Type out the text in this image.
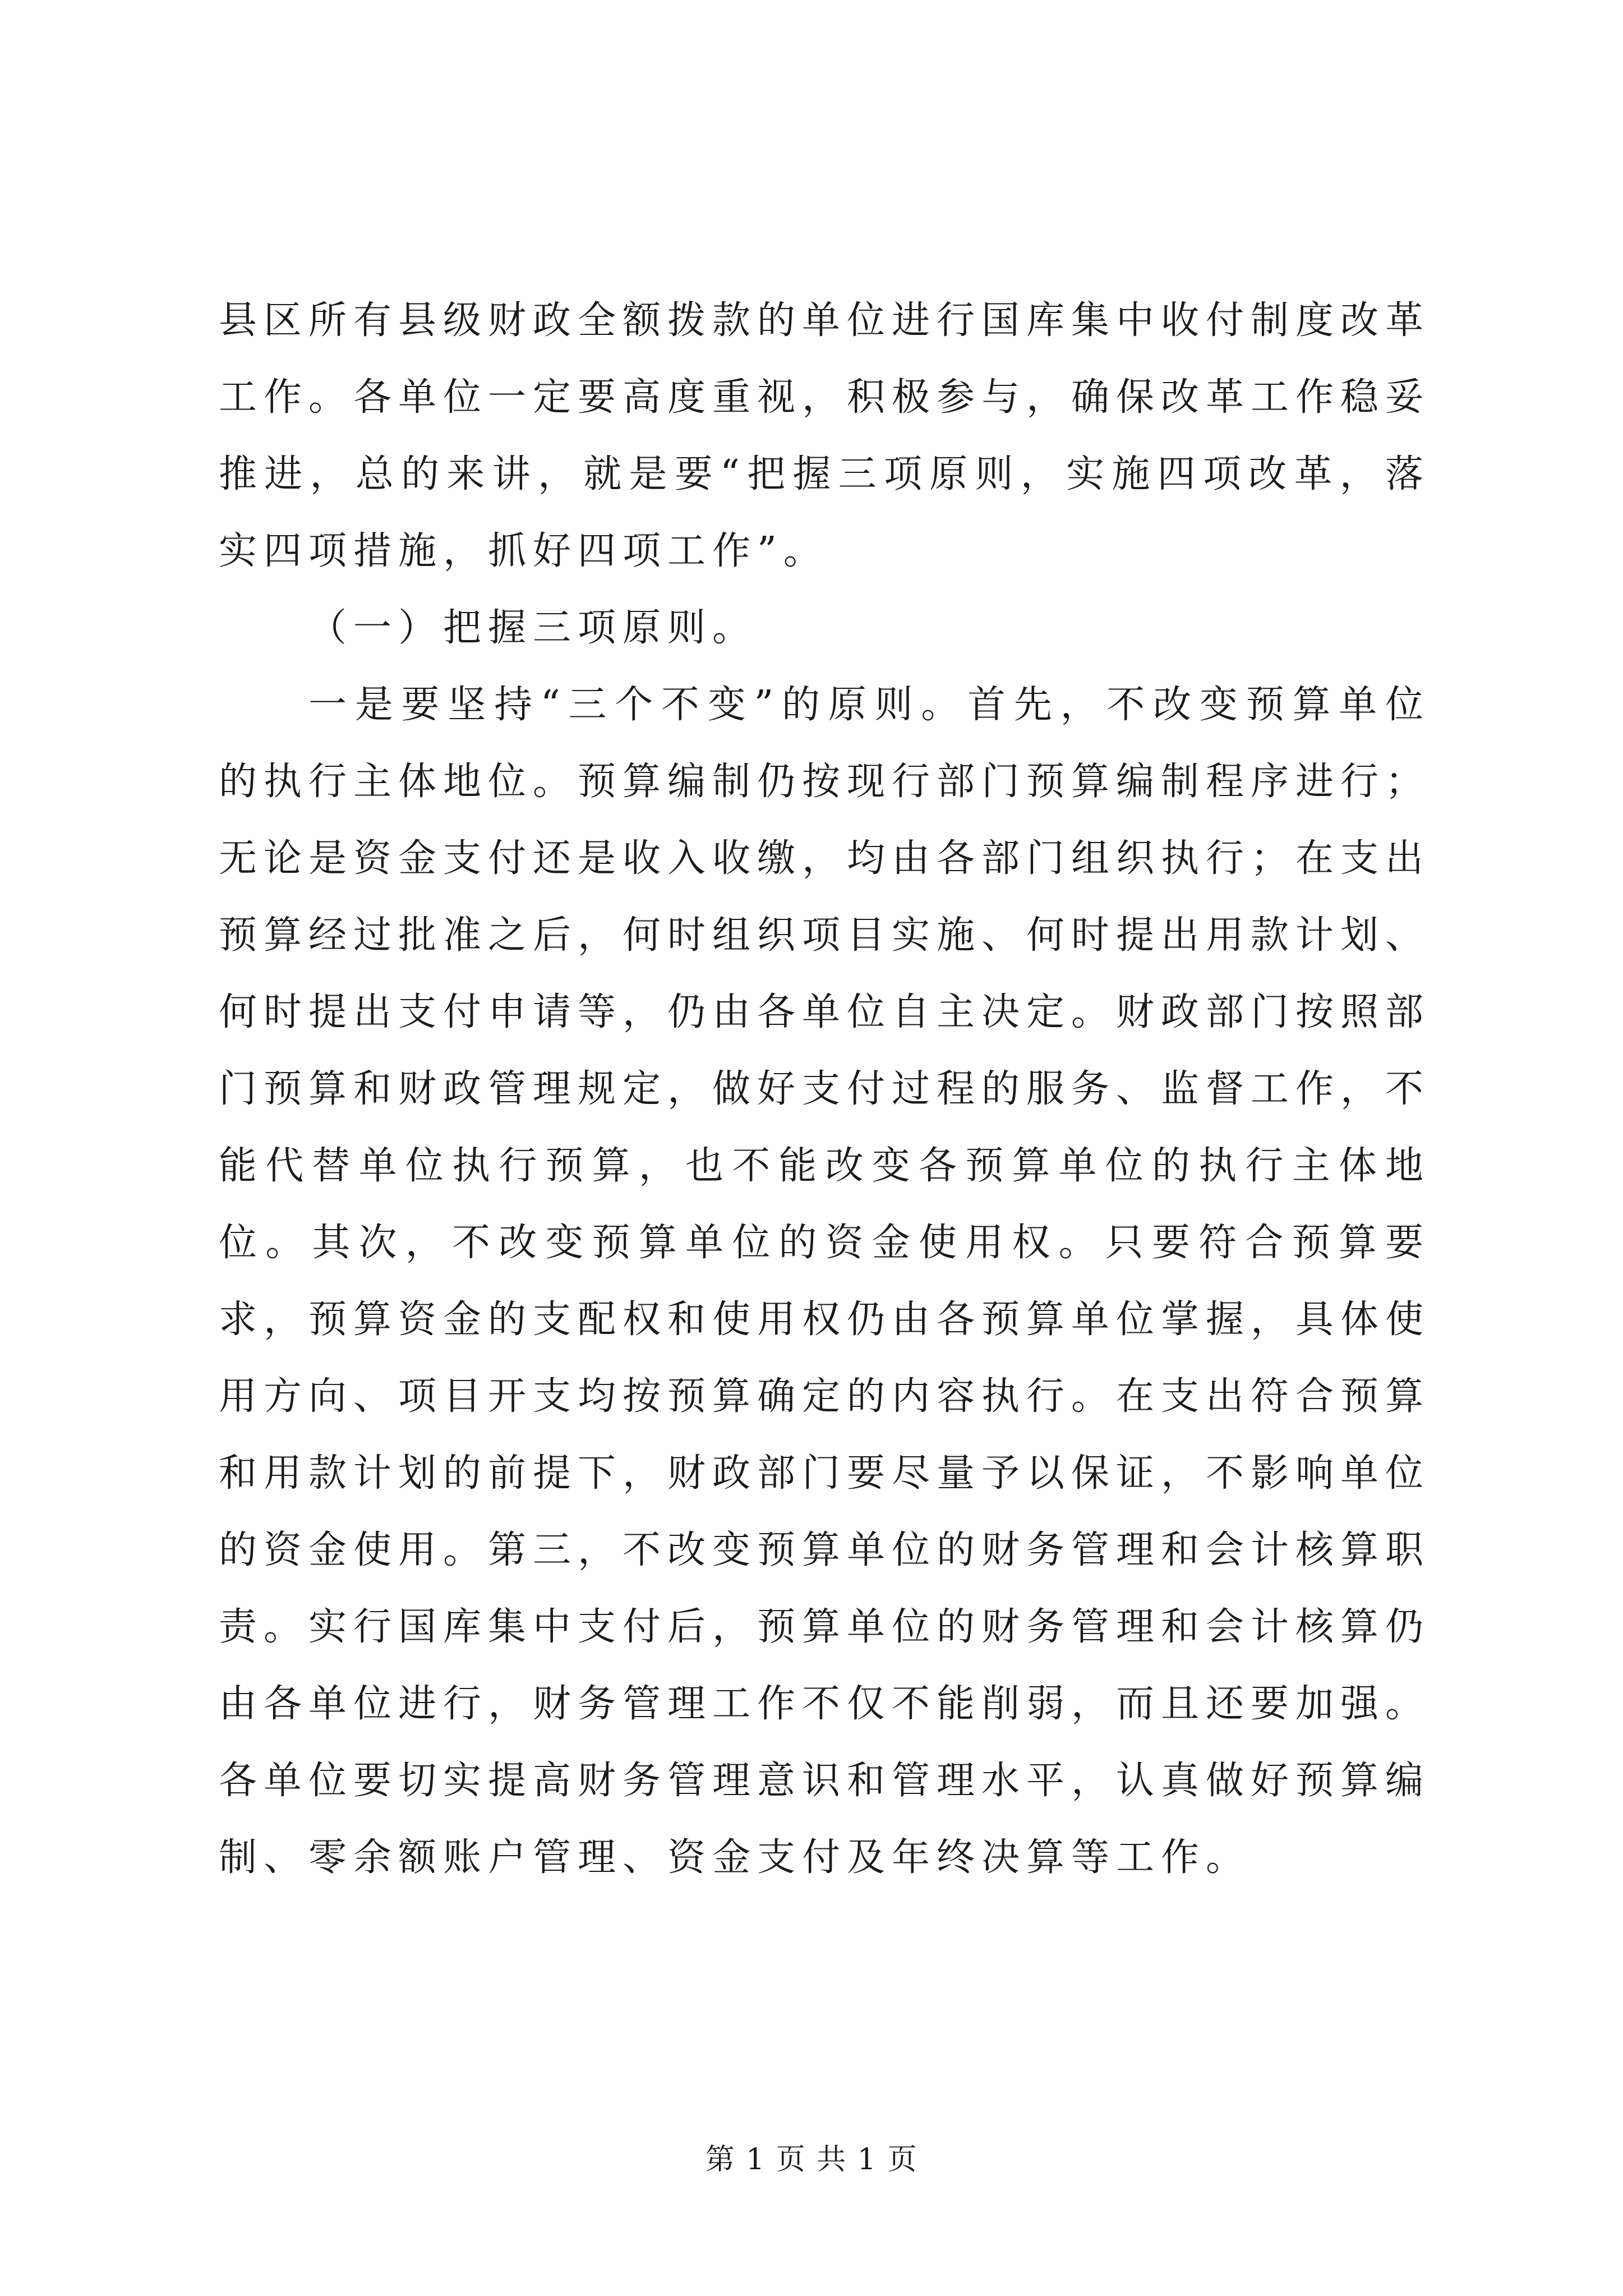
县区所有县级财政全额拨款的单位进行国库集中收付制度改革工作。各单位一定要高度重视，积极参与，确保改革工作稳妥推进，总的来讲，就是要“把握三项原则，实施四项改革，落实四项措施，抓好四项工作”。

（一）把握三项原则。

一是要坚持“三个不变”的原则。首先，不改变预算单位的执行主体地位。预算编制仍按现行部门预算编制程序进行；无论是资金支付还是收入收缴，均由各部门组织执行；在支出预算经过批准之后，何时组织项目实施、何时提出用款计划、何时提出支付申请等，仍由各单位自主决定。财政部门按照部门预算和财政管理规定，做好支付过程的服务、监督工作，不能代替单位执行预算，也不能改变各预算单位的执行主体地位。其次，不改变预算单位的资金使用权。只要符合预算要求，预算资金的支配权和使用权仍由各预算单位掌握，具体使用方向、项目开支均按预算确定的内容执行。在支出符合预算和用款计划的前提下，财政部门要尽量予以保证，不影响单位的资金使用。第三，不改变预算单位的财务管理和会计核算职责。实行国库集中支付后，预算单位的财务管理和会计核算仍由各单位进行，财务管理工作不仅不能削弱，而且还要加强。各单位要切实提高财务管理意识和管理水平，认真做好预算编制、零余额账户管理、资金支付及年终决算等工作。

第 1 页 共 1 页
